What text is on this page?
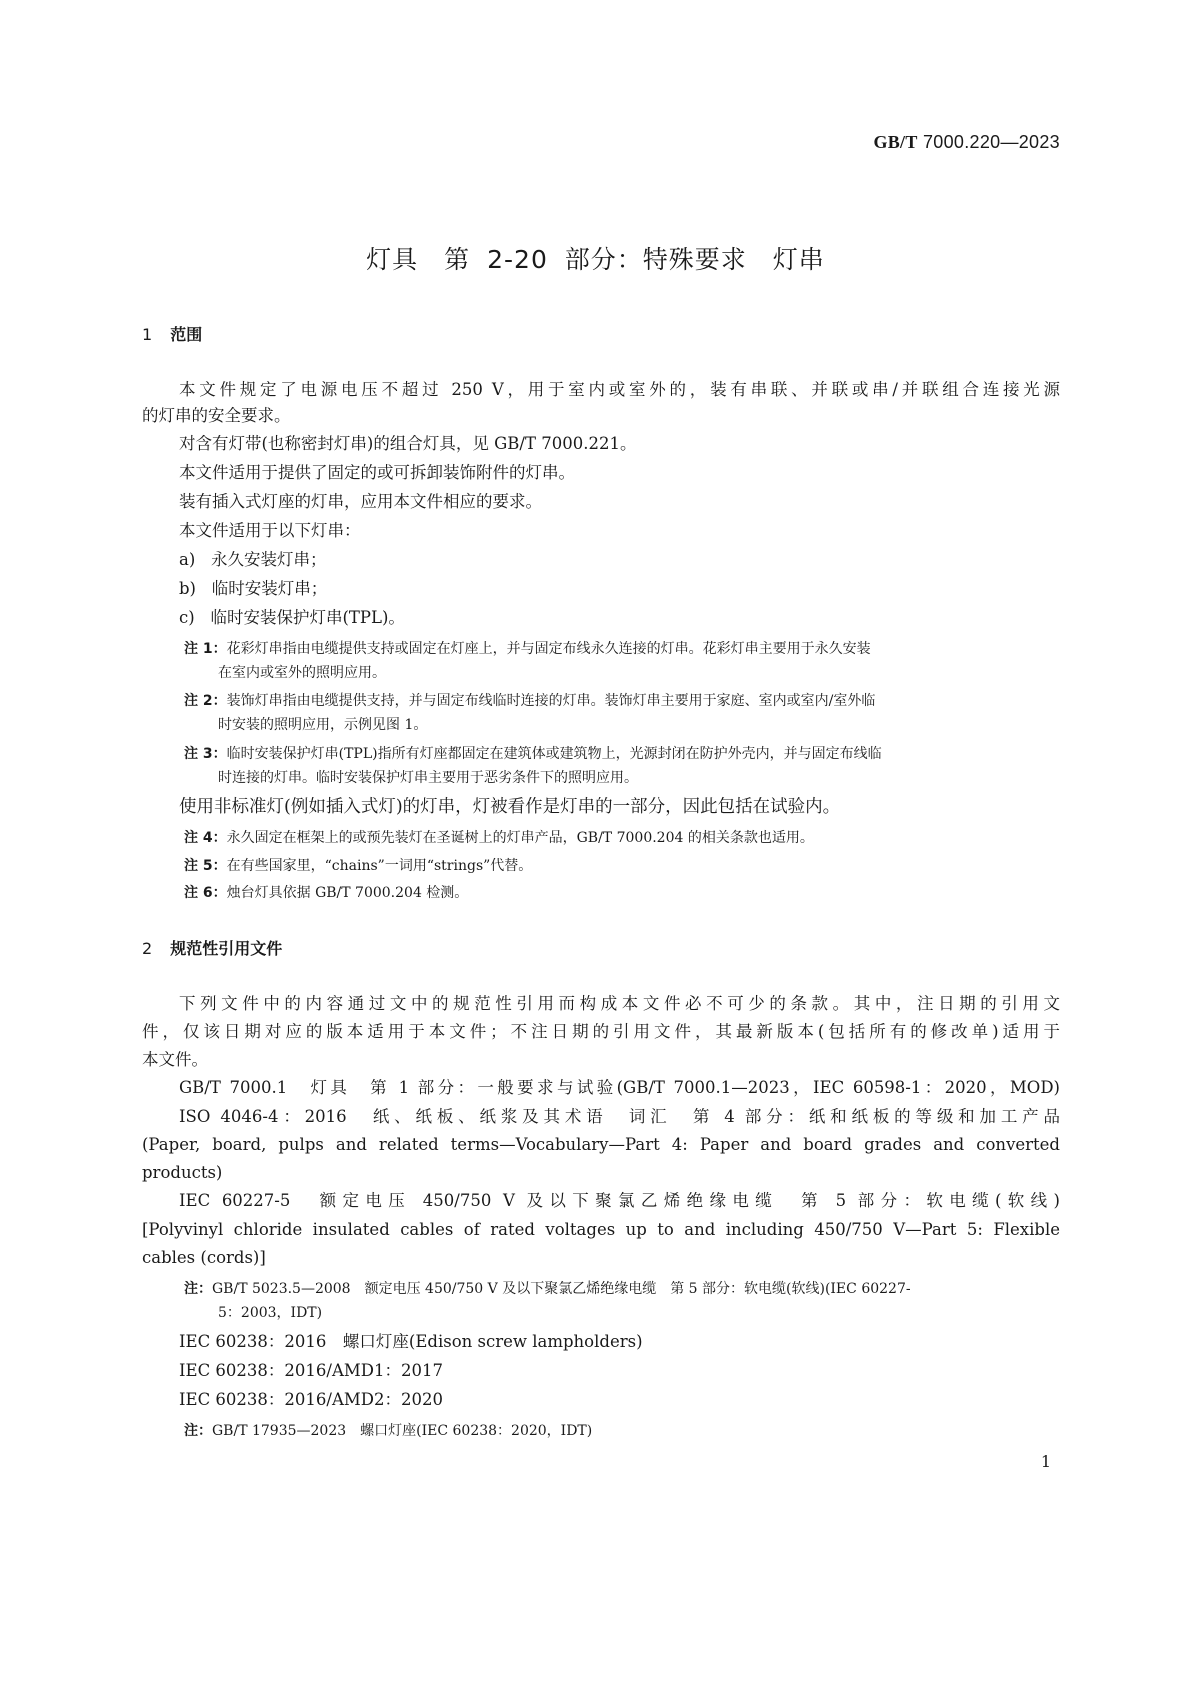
GB/T 7000.220—2023
灯具　第 2-20 部分：特殊要求　灯串
1 范围
本文件规定了电源电压不超过 250 V，用于室内或室外的，装有串联、并联或串/并联组合连接光源
的灯串的安全要求。
对含有灯带(也称密封灯串)的组合灯具，见 GB/T 7000.221。
本文件适用于提供了固定的或可拆卸装饰附件的灯串。
装有插入式灯座的灯串，应用本文件相应的要求。
本文件适用于以下灯串：
a) 永久安装灯串；
b) 临时安装灯串；
c) 临时安装保护灯串(TPL)。
注 1：花彩灯串指由电缆提供支持或固定在灯座上，并与固定布线永久连接的灯串。花彩灯串主要用于永久安装
在室内或室外的照明应用。
注 2：装饰灯串指由电缆提供支持，并与固定布线临时连接的灯串。装饰灯串主要用于家庭、室内或室内/室外临
时安装的照明应用，示例见图 1。
注 3：临时安装保护灯串(TPL)指所有灯座都固定在建筑体或建筑物上，光源封闭在防护外壳内，并与固定布线临
时连接的灯串。临时安装保护灯串主要用于恶劣条件下的照明应用。
使用非标准灯(例如插入式灯)的灯串，灯被看作是灯串的一部分，因此包括在试验内。
注 4：永久固定在框架上的或预先装灯在圣诞树上的灯串产品，GB/T 7000.204 的相关条款也适用。
注 5：在有些国家里，“chains”一词用“strings”代替。
注 6：烛台灯具依据 GB/T 7000.204 检测。
2 规范性引用文件
下列文件中的内容通过文中的规范性引用而构成本文件必不可少的条款。其中，注日期的引用文
件，仅该日期对应的版本适用于本文件；不注日期的引用文件，其最新版本(包括所有的修改单)适用于
本文件。
GB/T 7000.1　灯具　第 1 部分：一般要求与试验(GB/T 7000.1—2023，IEC 60598-1：2020，MOD)
ISO 4046-4：2016　纸、纸板、纸浆及其术语　词汇　第 4 部分：纸和纸板的等级和加工产品
(Paper, board, pulps and related terms—Vocabulary—Part 4: Paper and board grades and converted
products)
IEC 60227-5　额定电压 450/750 V 及以下聚氯乙烯绝缘电缆　第 5 部分：软电缆(软线)
[Polyvinyl chloride insulated cables of rated voltages up to and including 450/750 V—Part 5: Flexible
cables (cords)]
注：GB/T 5023.5—2008　额定电压 450/750 V 及以下聚氯乙烯绝缘电缆　第 5 部分：软电缆(软线)(IEC 60227-
5：2003，IDT)
IEC 60238：2016　螺口灯座(Edison screw lampholders)
IEC 60238：2016/AMD1：2017
IEC 60238：2016/AMD2：2020
注：GB/T 17935—2023　螺口灯座(IEC 60238：2020，IDT)
1
